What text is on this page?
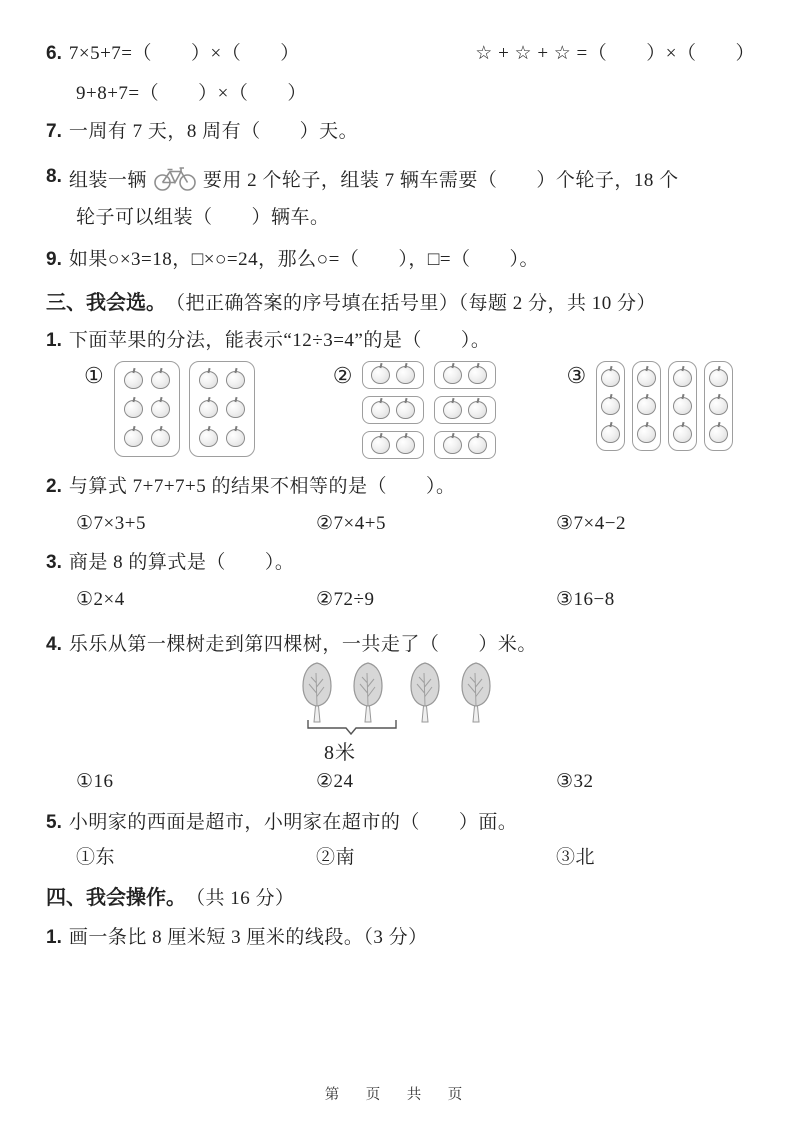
6. 7×5+7=（　　）×（　　）	☆ + ☆ + ☆ =（　　）×（　　）
9+8+7=（　　）×（　　）
7. 一周有 7 天，8 周有（　　）天。
8. 组装一辆	要用 2 个轮子，组装 7 辆车需要（　　）个轮子，18 个
轮子可以组装（　　）辆车。
9. 如果○×3=18，□×○=24，那么○=（　　），□=（　　）。
三、我会选。 （把正确答案的序号填在括号里）（每题 2 分，共 10 分）
1. 下面苹果的分法，能表示“12÷3=4”的是（　　）。
①	②	③
2. 与算式 7+7+7+5 的结果不相等的是（　　）。
①7×3+5	②7×4+5	③7×4−2
3. 商是 8 的算式是（　　）。
①2×4	②72÷9	③16−8
4. 乐乐从第一棵树走到第四棵树，一共走了（　　）米。
8米
①16	②24	③32
5. 小明家的西面是超市，小明家在超市的（　　）面。
①东	②南	③北
四、我会操作。 （共 16 分）
1. 画一条比 8 厘米短 3 厘米的线段。（3 分）
第　页　共　页
